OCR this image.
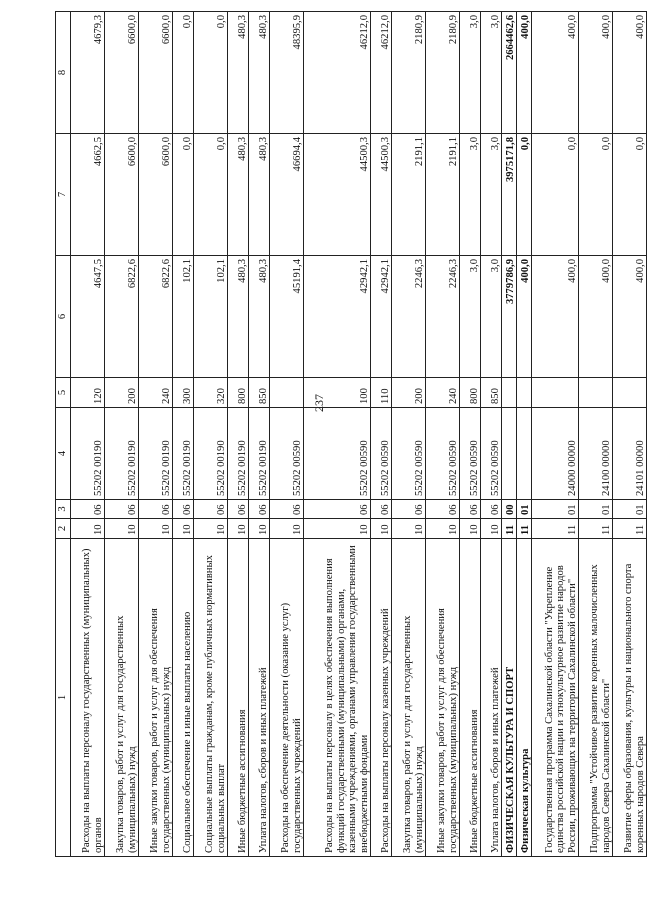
237
1	2	3	4	5	6	7	8
Расходы на выплаты персоналу государственных (муниципальных) органов	10	06	55202 00190	120	4647,5	4662,5	4679,3
Закупка товаров, работ и услуг для государственных (муниципальных) нужд	10	06	55202 00190	200	6822,6	6600,0	6600,0
Иные закупки товаров, работ и услуг для обеспечения государственных (муниципальных) нужд	10	06	55202 00190	240	6822,6	6600,0	6600,0
Социальное обеспечение и иные выплаты населению	10	06	55202 00190	300	102,1	0,0	0,0
Социальные выплаты гражданам, кроме публичных нормативных социальных выплат	10	06	55202 00190	320	102,1	0,0	0,0
Иные бюджетные ассигнования	10	06	55202 00190	800	480,3	480,3	480,3
Уплата налогов, сборов и иных платежей	10	06	55202 00190	850	480,3	480,3	480,3
Расходы на обеспечение деятельности (оказание услуг) государственных учреждений	10	06	55202 00590		45191,4	46694,4	48395,9
Расходы на выплаты персоналу в целях обеспечения выполнения функций государственными (муниципальными) органами, казенными учреждениями, органами управления государственными внебюджетными фондами	10	06	55202 00590	100	42942,1	44500,3	46212,0
Расходы на выплаты персоналу казенных учреждений	10	06	55202 00590	110	42942,1	44500,3	46212,0
Закупка товаров, работ и услуг для государственных (муниципальных) нужд	10	06	55202 00590	200	2246,3	2191,1	2180,9
Иные закупки товаров, работ и услуг для обеспечения государственных (муниципальных) нужд	10	06	55202 00590	240	2246,3	2191,1	2180,9
Иные бюджетные ассигнования	10	06	55202 00590	800	3,0	3,0	3,0
Уплата налогов, сборов и иных платежей	10	06	55202 00590	850	3,0	3,0	3,0
ФИЗИЧЕСКАЯ КУЛЬТУРА И СПОРТ	11	00			3779786,9	3975171,8	2664462,6
Физическая культура	11	01			400,0	0,0	400,0
Государственная программа Сахалинской области "Укрепление единства российской нации и этнокультурное развитие народов России, проживающих на территории Сахалинской области"	11	01	24000 00000		400,0	0,0	400,0
Подпрограмма "Устойчивое развитие коренных малочисленных народов Севера Сахалинской области"	11	01	24100 00000		400,0	0,0	400,0
Развитие сферы образования, культуры и национального спорта коренных народов Севера	11	01	24101 00000		400,0	0,0	400,0
